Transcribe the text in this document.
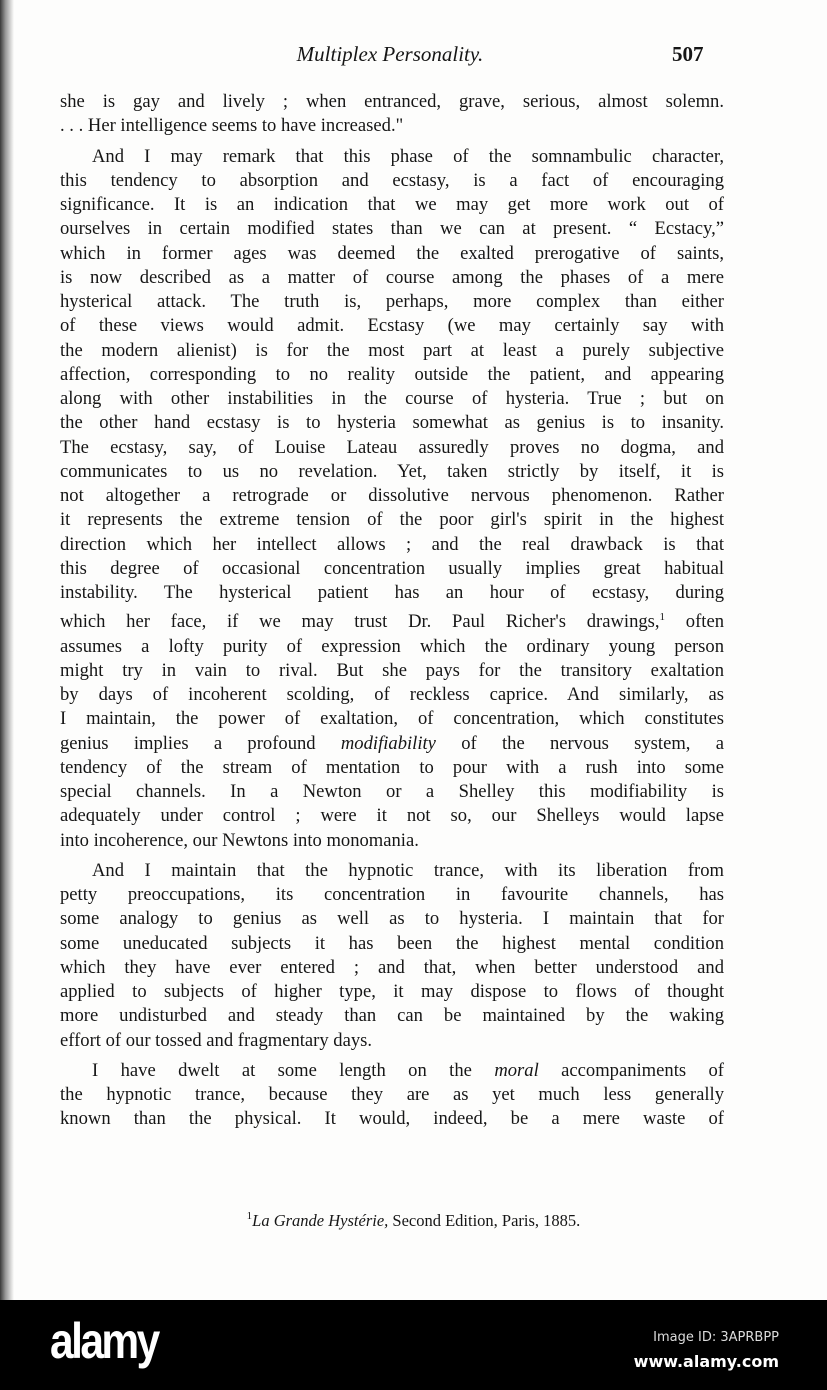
Multiplex Personality.	507
she is gay and lively ; when entranced, grave, serious, almost solemn.
. . . Her intelligence seems to have increased."
And I may remark that this phase of the somnambulic character,
this tendency to absorption and ecstasy, is a fact of encouraging
significance. It is an indication that we may get more work out of
ourselves in certain modified states than we can at present. “ Ecstacy,”
which in former ages was deemed the exalted prerogative of saints,
is now described as a matter of course among the phases of a mere
hysterical attack. The truth is, perhaps, more complex than either
of these views would admit. Ecstasy (we may certainly say with
the modern alienist) is for the most part at least a purely subjective
affection, corresponding to no reality outside the patient, and appearing
along with other instabilities in the course of hysteria. True ; but on
the other hand ecstasy is to hysteria somewhat as genius is to insanity.
The ecstasy, say, of Louise Lateau assuredly proves no dogma, and
communicates to us no revelation. Yet, taken strictly by itself, it is
not altogether a retrograde or dissolutive nervous phenomenon. Rather
it represents the extreme tension of the poor girl's spirit in the highest
direction which her intellect allows ; and the real drawback is that
this degree of occasional concentration usually implies great habitual
instability. The hysterical patient has an hour of ecstasy, during
which her face, if we may trust Dr. Paul Richer's drawings,$^1$ often
assumes a lofty purity of expression which the ordinary young person
might try in vain to rival. But she pays for the transitory exaltation
by days of incoherent scolding, of reckless caprice. And similarly, as
I maintain, the power of exaltation, of concentration, which constitutes
genius implies a profound modifiability of the nervous system, a
tendency of the stream of mentation to pour with a rush into some
special channels. In a Newton or a Shelley this modifiability is
adequately under control ; were it not so, our Shelleys would lapse
into incoherence, our Newtons into monomania.
And I maintain that the hypnotic trance, with its liberation from
petty preoccupations, its concentration in favourite channels, has
some analogy to genius as well as to hysteria. I maintain that for
some uneducated subjects it has been the highest mental condition
which they have ever entered ; and that, when better understood and
applied to subjects of higher type, it may dispose to flows of thought
more undisturbed and steady than can be maintained by the waking
effort of our tossed and fragmentary days.
I have dwelt at some length on the moral accompaniments of
the hypnotic trance, because they are as yet much less generally
known than the physical. It would, indeed, be a mere waste of
$^1$La Grande Hystérie, Second Edition, Paris, 1885.
alamy	Image ID: 3APRBPP
www.alamy.com
